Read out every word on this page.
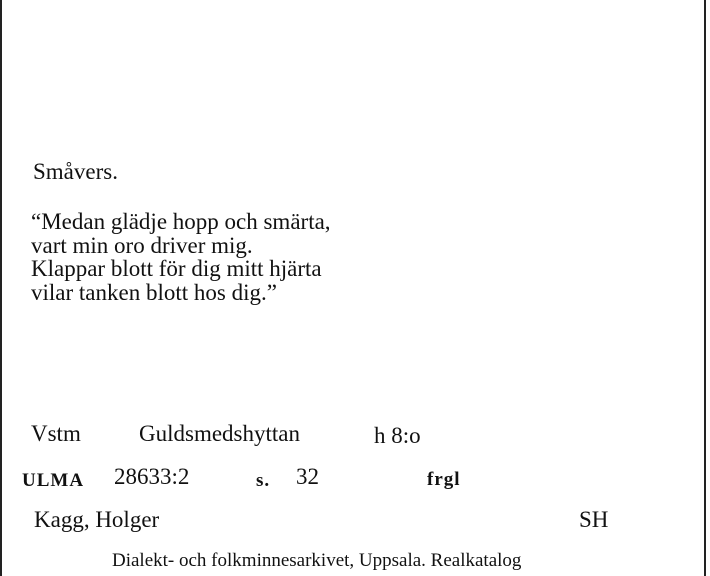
Småvers.
“Medan glädje hopp och smärta,
vart min oro driver mig.
Klappar blott för dig mitt hjärta
vilar tanken blott hos dig.”
Vstm	Guldsmedshyttan	h 8:o
ULMA 28633:2	s. 32	frgl
Kagg, Holger	SH
Dialekt- och folkminnesarkivet, Uppsala. Realkatalog
